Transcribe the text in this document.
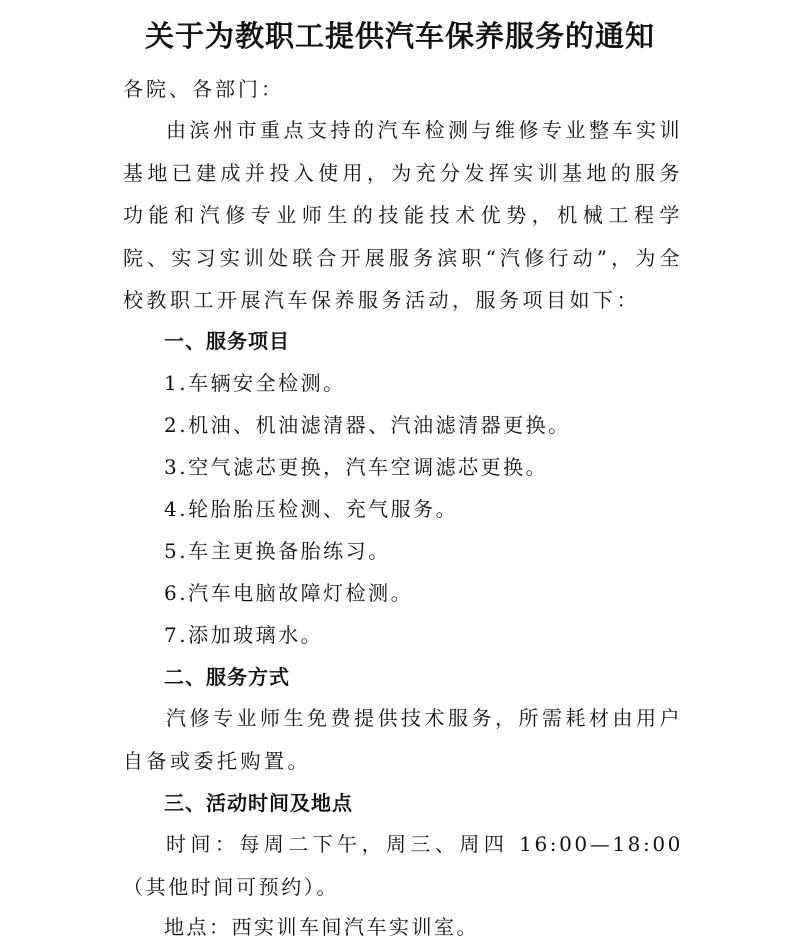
关于为教职工提供汽车保养服务的通知
各院、各部门：
由滨州市重点支持的汽车检测与维修专业整车实训基地已建成并投入使用，为充分发挥实训基地的服务功能和汽修专业师生的技能技术优势，机械工程学院、实习实训处联合开展服务滨职“汽修行动”，为全校教职工开展汽车保养服务活动，服务项目如下：
一、服务项目
1.车辆安全检测。
2.机油、机油滤清器、汽油滤清器更换。
3.空气滤芯更换，汽车空调滤芯更换。
4.轮胎胎压检测、充气服务。
5.车主更换备胎练习。
6.汽车电脑故障灯检测。
7.添加玻璃水。
二、服务方式
汽修专业师生免费提供技术服务，所需耗材由用户自备或委托购置。
三、活动时间及地点
时间：每周二下午，周三、周四 16:00—18:00（其他时间可预约）。
地点：西实训车间汽车实训室。
